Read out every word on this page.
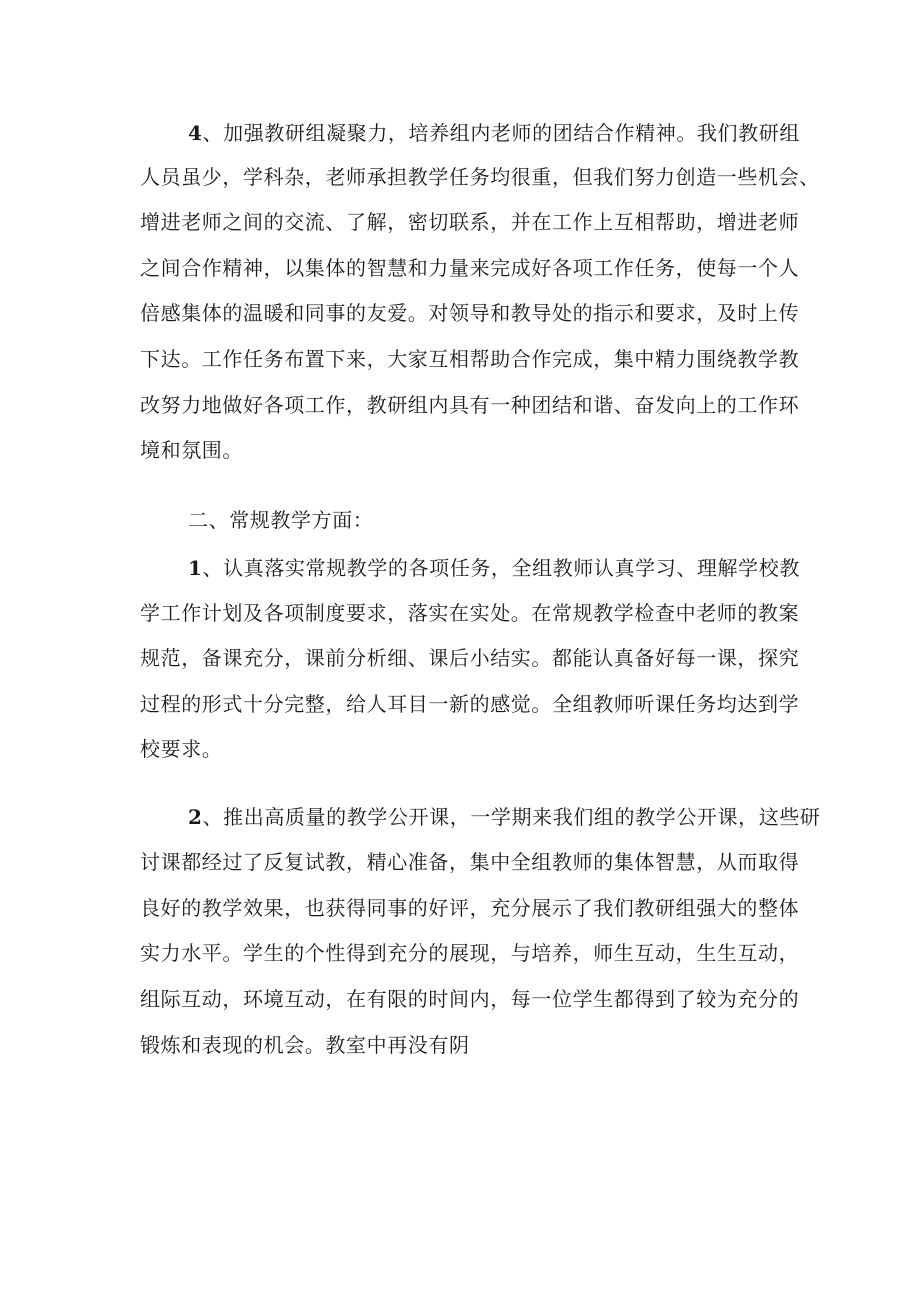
4、加强教研组凝聚力，培养组内老师的团结合作精神。我们教研组
人员虽少，学科杂，老师承担教学任务均很重，但我们努力创造一些机会、
增进老师之间的交流、了解，密切联系，并在工作上互相帮助，增进老师
之间合作精神，以集体的智慧和力量来完成好各项工作任务，使每一个人
倍感集体的温暖和同事的友爱。对领导和教导处的指示和要求，及时上传
下达。工作任务布置下来，大家互相帮助合作完成，集中精力围绕教学教
改努力地做好各项工作，教研组内具有一种团结和谐、奋发向上的工作环
境和氛围。
二、常规教学方面：
1、认真落实常规教学的各项任务，全组教师认真学习、理解学校教
学工作计划及各项制度要求，落实在实处。在常规教学检查中老师的教案
规范，备课充分，课前分析细、课后小结实。都能认真备好每一课，探究
过程的形式十分完整，给人耳目一新的感觉。全组教师听课任务均达到学
校要求。
2、推出高质量的教学公开课，一学期来我们组的教学公开课，这些研
讨课都经过了反复试教，精心准备，集中全组教师的集体智慧，从而取得
良好的教学效果，也获得同事的好评，充分展示了我们教研组强大的整体
实力水平。学生的个性得到充分的展现，与培养，师生互动，生生互动，
组际互动，环境互动，在有限的时间内，每一位学生都得到了较为充分的
锻炼和表现的机会。教室中再没有阴
